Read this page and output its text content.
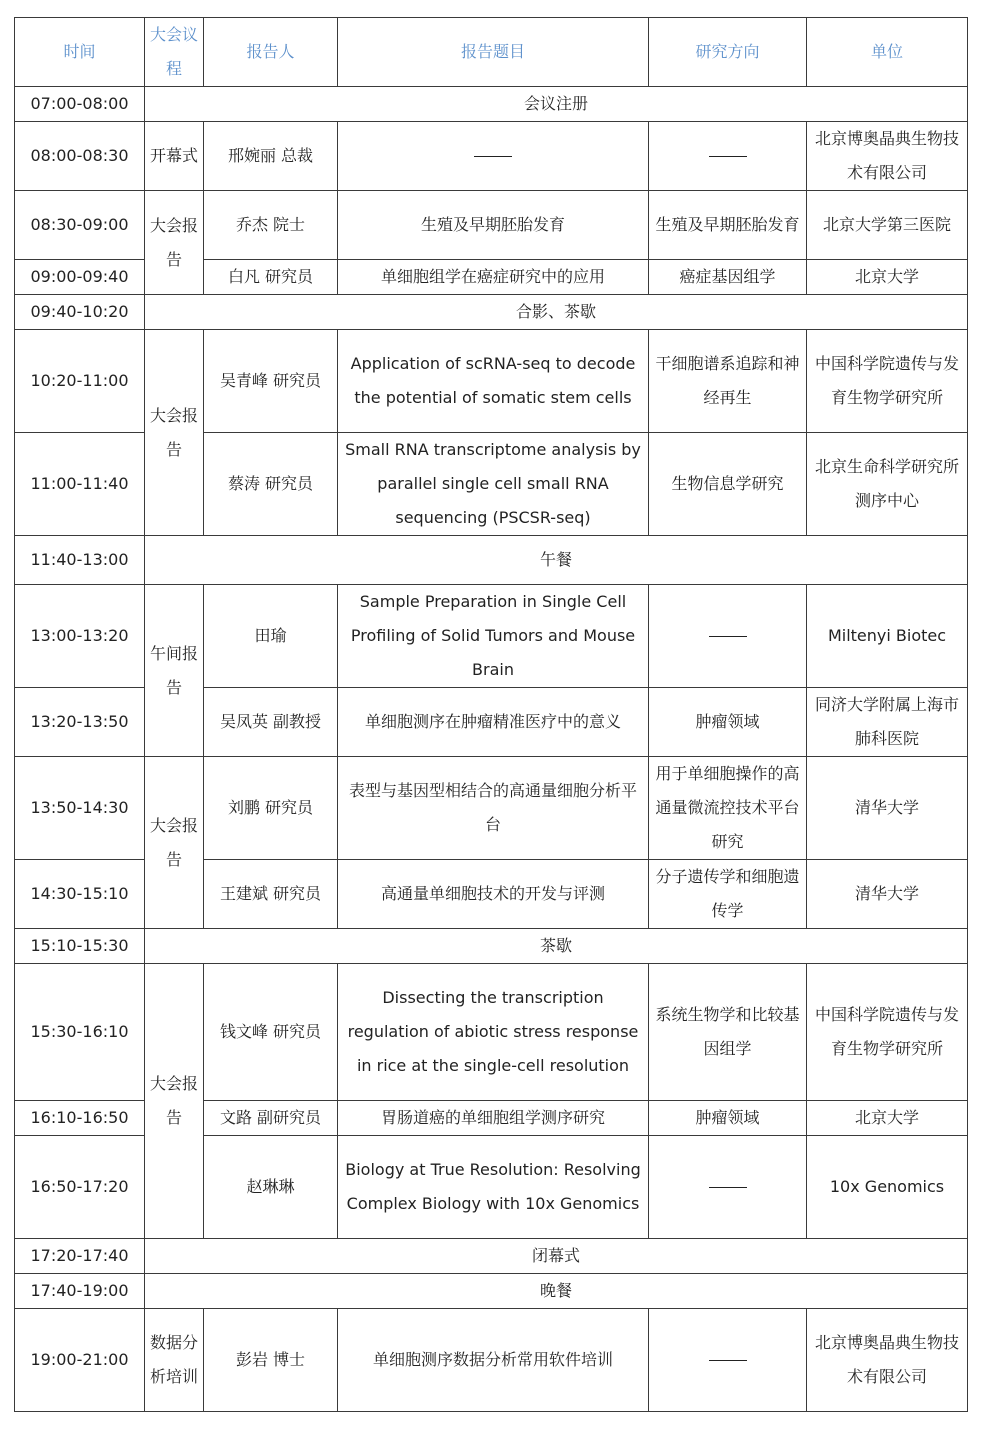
时间	大会议程	报告人	报告题目	研究方向	单位
07:00-08:00	会议注册				
08:00-08:30	开幕式	邢婉丽 总裁			北京博奥晶典生物技术有限公司
08:30-09:00	大会报告	乔杰 院士	生殖及早期胚胎发育	生殖及早期胚胎发育	北京大学第三医院
09:00-09:40		白凡 研究员	单细胞组学在癌症研究中的应用	癌症基因组学	北京大学
09:40-10:20	合影、茶歇				
10:20-11:00	大会报告	吴青峰 研究员	Application of scRNA-seq to decode the potential of somatic stem cells	干细胞谱系追踪和神经再生	中国科学院遗传与发育生物学研究所
11:00-11:40		蔡涛 研究员	Small RNA transcriptome analysis by parallel single cell small RNA sequencing (PSCSR-seq)	生物信息学研究	北京生命科学研究所测序中心
11:40-13:00	午餐				
13:00-13:20	午间报告	田瑜	Sample Preparation in Single Cell Profiling of Solid Tumors and Mouse Brain		Miltenyi Biotec
13:20-13:50		吴凤英 副教授	单细胞测序在肿瘤精准医疗中的意义	肿瘤领域	同济大学附属上海市肺科医院
13:50-14:30	大会报告	刘鹏 研究员	表型与基因型相结合的高通量细胞分析平台	用于单细胞操作的高通量微流控技术平台研究	清华大学
14:30-15:10		王建斌 研究员	高通量单细胞技术的开发与评测	分子遗传学和细胞遗传学	清华大学
15:10-15:30	茶歇				
15:30-16:10	大会报告	钱文峰 研究员	Dissecting the transcription regulation of abiotic stress response in rice at the single-cell resolution	系统生物学和比较基因组学	中国科学院遗传与发育生物学研究所
16:10-16:50		文路 副研究员	胃肠道癌的单细胞组学测序研究	肿瘤领域	北京大学
16:50-17:20		赵琳琳	Biology at True Resolution: Resolving Complex Biology with 10x Genomics		10x Genomics
17:20-17:40	闭幕式				
17:40-19:00	晚餐				
19:00-21:00	数据分析培训	彭岩 博士	单细胞测序数据分析常用软件培训		北京博奥晶典生物技术有限公司
